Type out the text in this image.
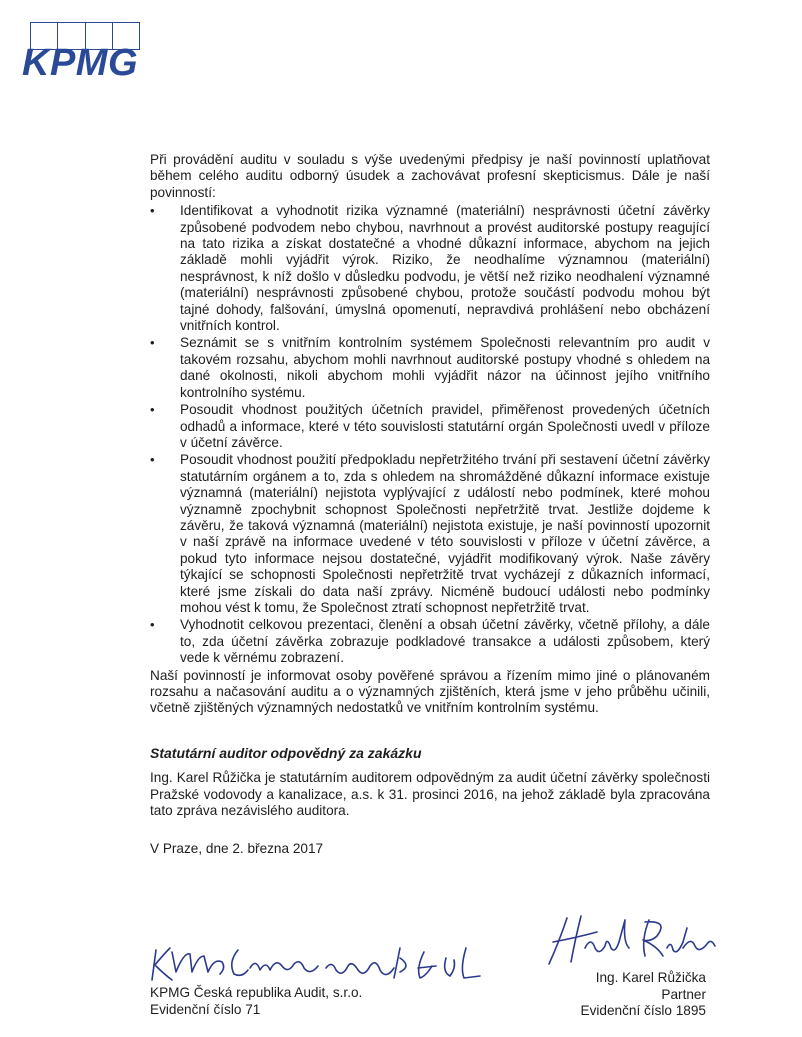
KPMG

Při provádění auditu v souladu s výše uvedenými předpisy je naší povinností uplatňovat během celého auditu odborný úsudek a zachovávat profesní skepticismus. Dále je naší povinností:

• Identifikovat a vyhodnotit rizika významné (materiální) nesprávnosti účetní závěrky způsobené podvodem nebo chybou, navrhnout a provést auditorské postupy reagující na tato rizika a získat dostatečné a vhodné důkazní informace, abychom na jejich základě mohli vyjádřit výrok. Riziko, že neodhalíme významnou (materiální) nesprávnost, k níž došlo v důsledku podvodu, je větší než riziko neodhalení významné (materiální) nesprávnosti způsobené chybou, protože součástí podvodu mohou být tajné dohody, falšování, úmyslná opomenutí, nepravdivá prohlášení nebo obcházení vnitřních kontrol.
• Seznámit se s vnitřním kontrolním systémem Společnosti relevantním pro audit v takovém rozsahu, abychom mohli navrhnout auditorské postupy vhodné s ohledem na dané okolnosti, nikoli abychom mohli vyjádřit názor na účinnost jejího vnitřního kontrolního systému.
• Posoudit vhodnost použitých účetních pravidel, přiměřenost provedených účetních odhadů a informace, které v této souvislosti statutární orgán Společnosti uvedl v příloze v účetní závěrce.
• Posoudit vhodnost použití předpokladu nepřetržitého trvání při sestavení účetní závěrky statutárním orgánem a to, zda s ohledem na shromážděné důkazní informace existuje významná (materiální) nejistota vyplývající z událostí nebo podmínek, které mohou významně zpochybnit schopnost Společnosti nepřetržitě trvat. Jestliže dojdeme k závěru, že taková významná (materiální) nejistota existuje, je naší povinností upozornit v naší zprávě na informace uvedené v této souvislosti v příloze v účetní závěrce, a pokud tyto informace nejsou dostatečné, vyjádřit modifikovaný výrok. Naše závěry týkající se schopnosti Společnosti nepřetržitě trvat vycházejí z důkazních informací, které jsme získali do data naší zprávy. Nicméně budoucí události nebo podmínky mohou vést k tomu, že Společnost ztratí schopnost nepřetržitě trvat.
• Vyhodnotit celkovou prezentaci, členění a obsah účetní závěrky, včetně přílohy, a dále to, zda účetní závěrka zobrazuje podkladové transakce a události způsobem, který vede k věrnému zobrazení.

Naší povinností je informovat osoby pověřené správou a řízením mimo jiné o plánovaném rozsahu a načasování auditu a o významných zjištěních, která jsme v jeho průběhu učinili, včetně zjištěných významných nedostatků ve vnitřním kontrolním systému.

Statutární auditor odpovědný za zakázku

Ing. Karel Růžička je statutárním auditorem odpovědným za audit účetní závěrky společnosti Pražské vodovody a kanalizace, a.s. k 31. prosinci 2016, na jehož základě byla zpracována tato zpráva nezávislého auditora.

V Praze, dne 2. března 2017

KPMG Česká republika Audit, s.r.o.
Evidenční číslo 71
Ing. Karel Růžička
Partner
Evidenční číslo 1895
